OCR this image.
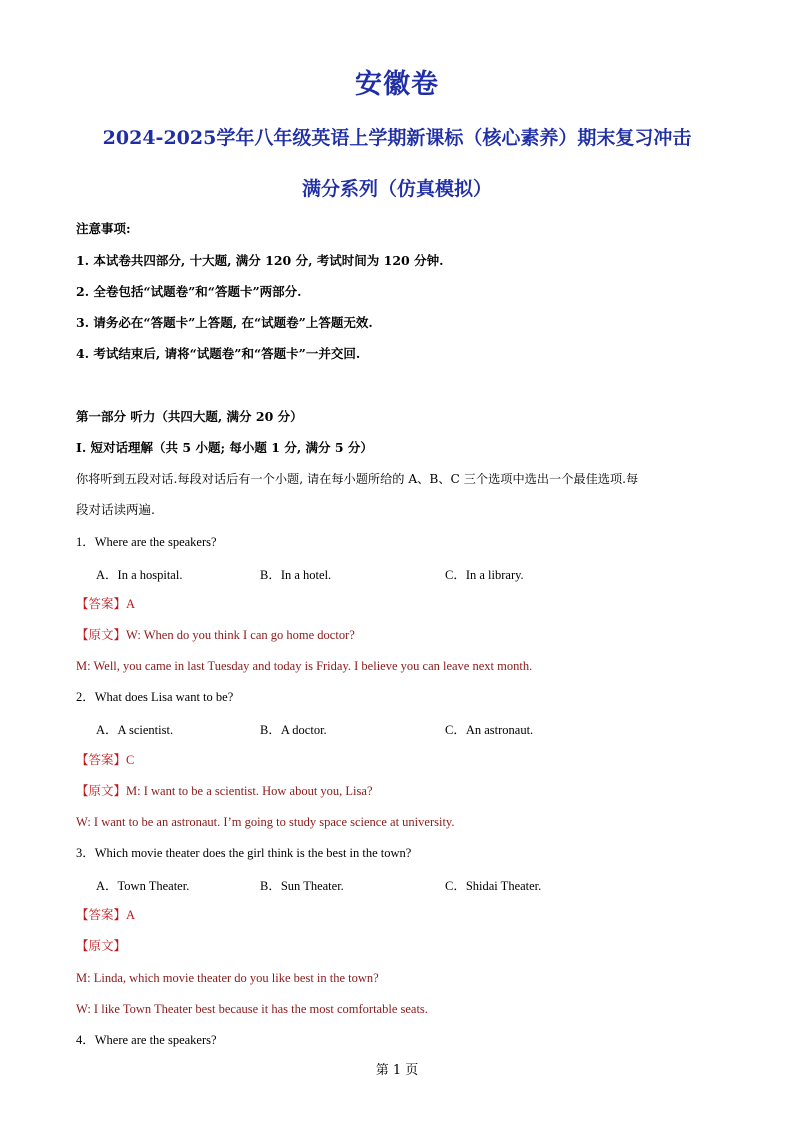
安徽卷
2024-2025学年八年级英语上学期新课标（核心素养）期末复习冲击
满分系列（仿真模拟）
注意事项:
1. 本试卷共四部分, 十大题, 满分 120 分, 考试时间为 120 分钟.
2. 全卷包括“试题卷”和“答题卡”两部分.
3. 请务必在“答题卡”上答题, 在“试题卷”上答题无效.
4. 考试结束后, 请将“试题卷”和“答题卡”一并交回.
第一部分 听力（共四大题, 满分 20 分）
I. 短对话理解（共 5 小题; 每小题 1 分, 满分 5 分）
你将听到五段对话.每段对话后有一个小题, 请在每小题所给的 A、B、C 三个选项中选出一个最佳选项.每
段对话读两遍.
1．Where are the speakers?
A．In a hospital.	B．In a hotel.	C．In a library.
【答案】A
【原文】W: When do you think I can go home doctor?
M: Well, you came in last Tuesday and today is Friday. I believe you can leave next month.
2．What does Lisa want to be?
A．A scientist.	B．A doctor.	C．An astronaut.
【答案】C
【原文】M: I want to be a scientist. How about you, Lisa?
W: I want to be an astronaut. I’m going to study space science at university.
3．Which movie theater does the girl think is the best in the town?
A．Town Theater.	B．Sun Theater.	C．Shidai Theater.
【答案】A
【原文】
M: Linda, which movie theater do you like best in the town?
W: I like Town Theater best because it has the most comfortable seats.
4．Where are the speakers?
第 1 页
